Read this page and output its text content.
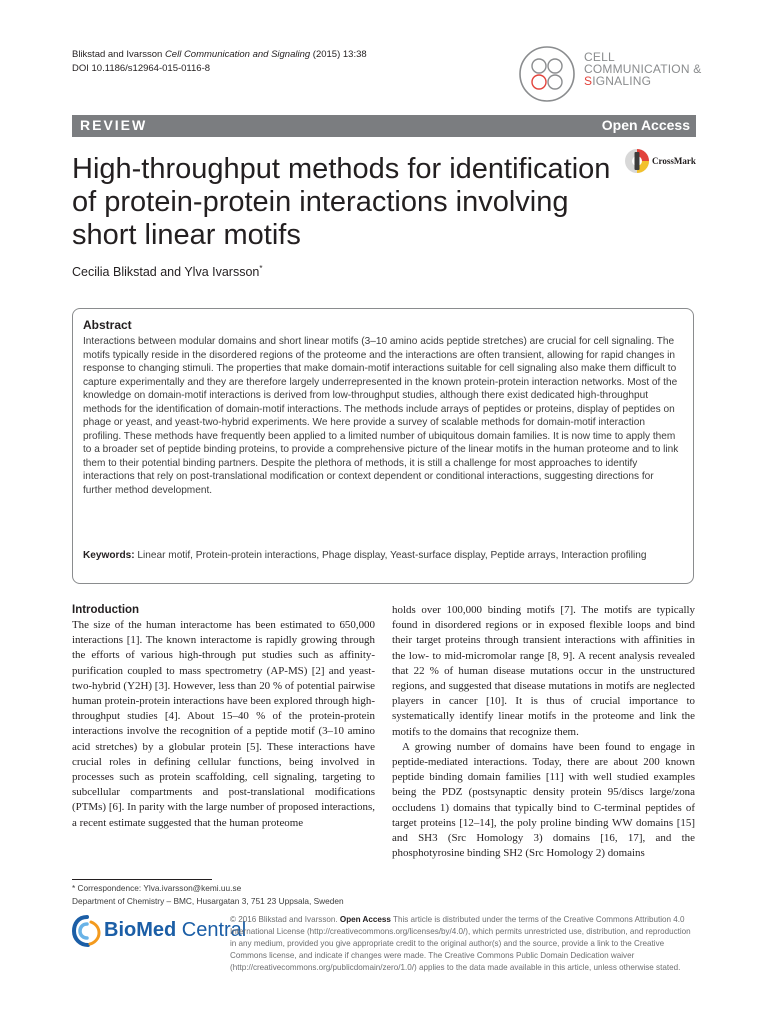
Blikstad and Ivarsson Cell Communication and Signaling (2015) 13:38
DOI 10.1186/s12964-015-0116-8
CELL
COMMUNICATION &
SIGNALING
REVIEW	Open Access
High-throughput methods for identification of protein-protein interactions involving short linear motifs
CrossMark
Cecilia Blikstad and Ylva Ivarsson*
Abstract
Interactions between modular domains and short linear motifs (3–10 amino acids peptide stretches) are crucial for cell signaling. The motifs typically reside in the disordered regions of the proteome and the interactions are often transient, allowing for rapid changes in response to changing stimuli. The properties that make domain-motif interactions suitable for cell signaling also make them difficult to capture experimentally and they are therefore largely underrepresented in the known protein-protein interaction networks. Most of the knowledge on domain-motif interactions is derived from low-throughput studies, although there exist dedicated high-throughput methods for the identification of domain-motif interactions. The methods include arrays of peptides or proteins, display of peptides on phage or yeast, and yeast-two-hybrid experiments. We here provide a survey of scalable methods for domain-motif interaction profiling. These methods have frequently been applied to a limited number of ubiquitous domain families. It is now time to apply them to a broader set of peptide binding proteins, to provide a comprehensive picture of the linear motifs in the human proteome and to link them to their potential binding partners. Despite the plethora of methods, it is still a challenge for most approaches to identify interactions that rely on post-translational modification or context dependent or conditional interactions, suggesting directions for further method development.
Keywords: Linear motif, Protein-protein interactions, Phage display, Yeast-surface display, Peptide arrays, Interaction profiling
Introduction

The size of the human interactome has been estimated to 650,000 interactions [1]. The known interactome is rapidly growing through the efforts of various high-through put studies such as affinity-purification coupled to mass spectrometry (AP-MS) [2] and yeast-two-hybrid (Y2H) [3]. However, less than 20 % of potential pairwise human protein-protein interactions have been explored through high-throughput studies [4]. About 15–40 % of the protein-protein interactions involve the recognition of a peptide motif (3–10 amino acid stretches) by a globular protein [5]. These interactions have crucial roles in defining cellular functions, being involved in processes such as protein scaffolding, cell signaling, targeting to subcellular compartments and post-translational modifications (PTMs) [6]. In parity with the large number of proposed interactions, a recent estimate suggested that the human proteome

holds over 100,000 binding motifs [7]. The motifs are typically found in disordered regions or in exposed flexible loops and bind their target proteins through transient interactions with affinities in the low- to mid-micromolar range [8, 9]. A recent analysis revealed that 22 % of human disease mutations occur in the unstructured regions, and suggested that disease mutations in motifs are neglected players in cancer [10]. It is thus of crucial importance to systematically identify linear motifs in the proteome and link the motifs to the domains that recognize them.

A growing number of domains have been found to engage in peptide-mediated interactions. Today, there are about 200 known peptide binding domain families [11] with well studied examples being the PDZ (postsynaptic density protein 95/discs large/zona occludens 1) domains that typically bind to C-terminal peptides of target proteins [12–14], the poly proline binding WW domains [15] and SH3 (Src Homology 3) domains [16, 17], and the phosphotyrosine binding SH2 (Src Homology 2) domains

* Correspondence: Ylva.ivarsson@kemi.uu.se
Department of Chemistry – BMC, Husargatan 3, 751 23 Uppsala, Sweden
BioMed Central
© 2016 Blikstad and Ivarsson. Open Access This article is distributed under the terms of the Creative Commons Attribution 4.0 International License (http://creativecommons.org/licenses/by/4.0/), which permits unrestricted use, distribution, and reproduction in any medium, provided you give appropriate credit to the original author(s) and the source, provide a link to the Creative Commons license, and indicate if changes were made. The Creative Commons Public Domain Dedication waiver (http://creativecommons.org/publicdomain/zero/1.0/) applies to the data made available in this article, unless otherwise stated.
